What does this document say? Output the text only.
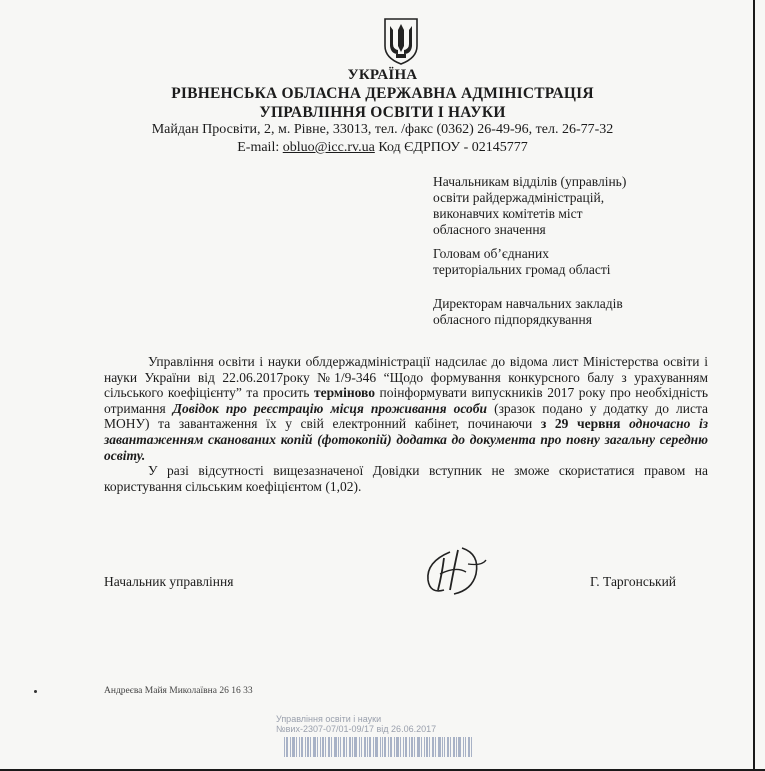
УКРАЇНА
РІВНЕНСЬКА ОБЛАСНА ДЕРЖАВНА АДМІНІСТРАЦІЯ
УПРАВЛІННЯ ОСВІТИ І НАУКИ
Майдан Просвіти, 2, м. Рівне, 33013, тел. /факс (0362) 26-49-96, тел. 26-77-32
E-mail: obluo@icc.rv.ua Код ЄДРПОУ - 02145777
Начальникам відділів (управлінь)
освіти райдержадміністрацій,
виконавчих комітетів міст
обласного значення
Головам об’єднаних
територіальних громад області
Директорам навчальних закладів
обласного підпорядкування

Управління освіти і науки облдержадміністрації надсилає до відома лист Міністерства освіти і науки України від 22.06.2017року №1/9-346 “Щодо формування конкурсного балу з урахуванням сільського коефіцієнту” та просить терміново поінформувати випускників 2017 року про необхідність отримання Довідок про реєстрацію місця проживання особи (зразок подано у додатку до листа МОНУ) та завантаження їх у свій електронний кабінет, починаючи з 29 червня одночасно із завантаженням сканованих копій (фотокопій) додатка до документа про повну загальну середню освіту.

У разі відсутності вищезазначеної Довідки вступник не зможе скористатися правом на користування сільським коефіцієнтом (1,02).

Начальник управління	Г. Таргонський
Андреєва Майя Миколаївна 26 16 33
Управління освіти і науки
№вих-2307-07/01-09/17 від 26.06.2017
